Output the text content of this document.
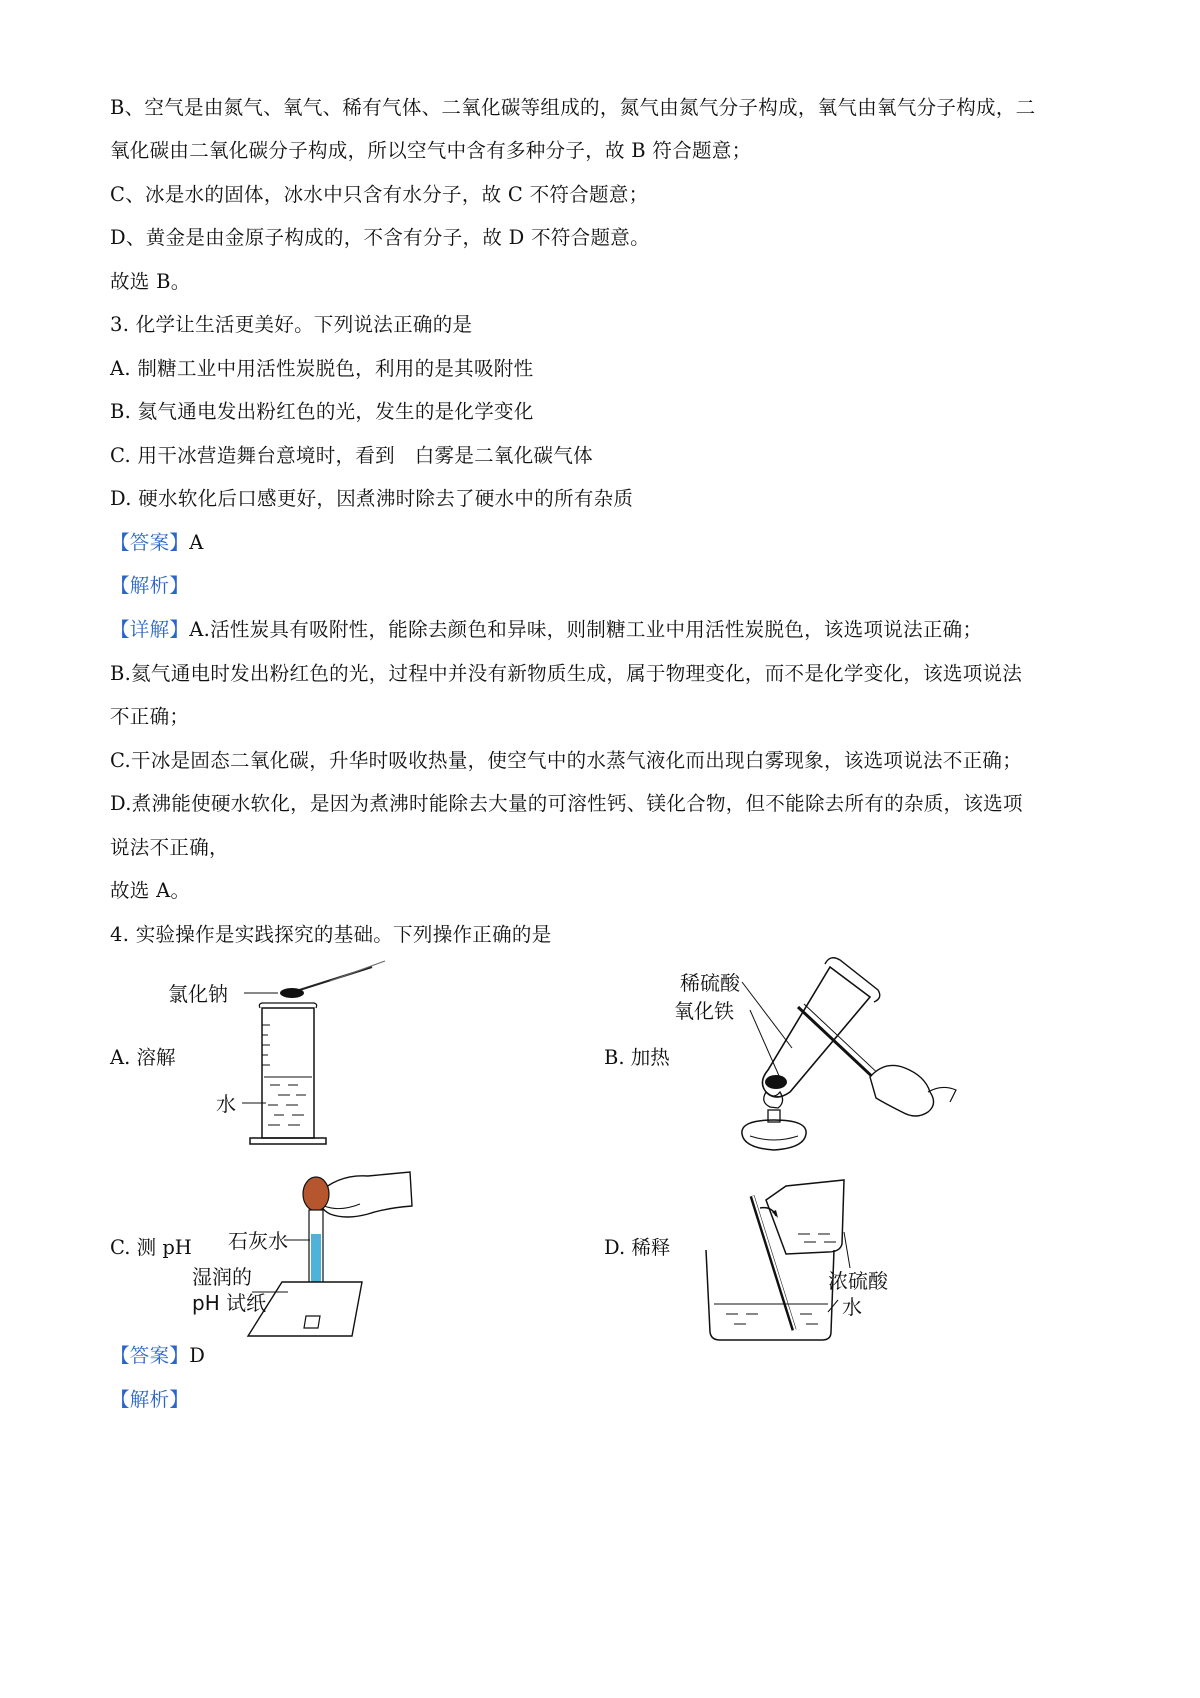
B、空气是由氮气、氧气、稀有气体、二氧化碳等组成的，氮气由氮气分子构成，氧气由氧气分子构成，二
氧化碳由二氧化碳分子构成，所以空气中含有多种分子，故 B 符合题意；
C、冰是水的固体，冰水中只含有水分子，故 C 不符合题意；
D、黄金是由金原子构成的，不含有分子，故 D 不符合题意。
故选 B。
3. 化学让生活更美好。下列说法正确的是
A. 制糖工业中用活性炭脱色，利用的是其吸附性
B. 氦气通电发出粉红色的光，发生的是化学变化
C. 用干冰营造舞台意境时，看到　白雾是二氧化碳气体
D. 硬水软化后口感更好，因煮沸时除去了硬水中的所有杂质
【答案】A
【解析】
【详解】A.活性炭具有吸附性，能除去颜色和异味，则制糖工业中用活性炭脱色，该选项说法正确；
B.氦气通电时发出粉红色的光，过程中并没有新物质生成，属于物理变化，而不是化学变化，该选项说法
不正确；
C.干冰是固态二氧化碳，升华时吸收热量，使空气中的水蒸气液化而出现白雾现象，该选项说法不正确；
D.煮沸能使硬水软化，是因为煮沸时能除去大量的可溶性钙、镁化合物，但不能除去所有的杂质，该选项
说法不正确，
故选 A。
4. 实验操作是实践探究的基础。下列操作正确的是
A. 溶解	B. 加热
C. 测 pH	D. 稀释
氯化钠
水
稀硫酸
氧化铁
石灰水
湿润的
pH 试纸
浓硫酸
水
【答案】D
【解析】
